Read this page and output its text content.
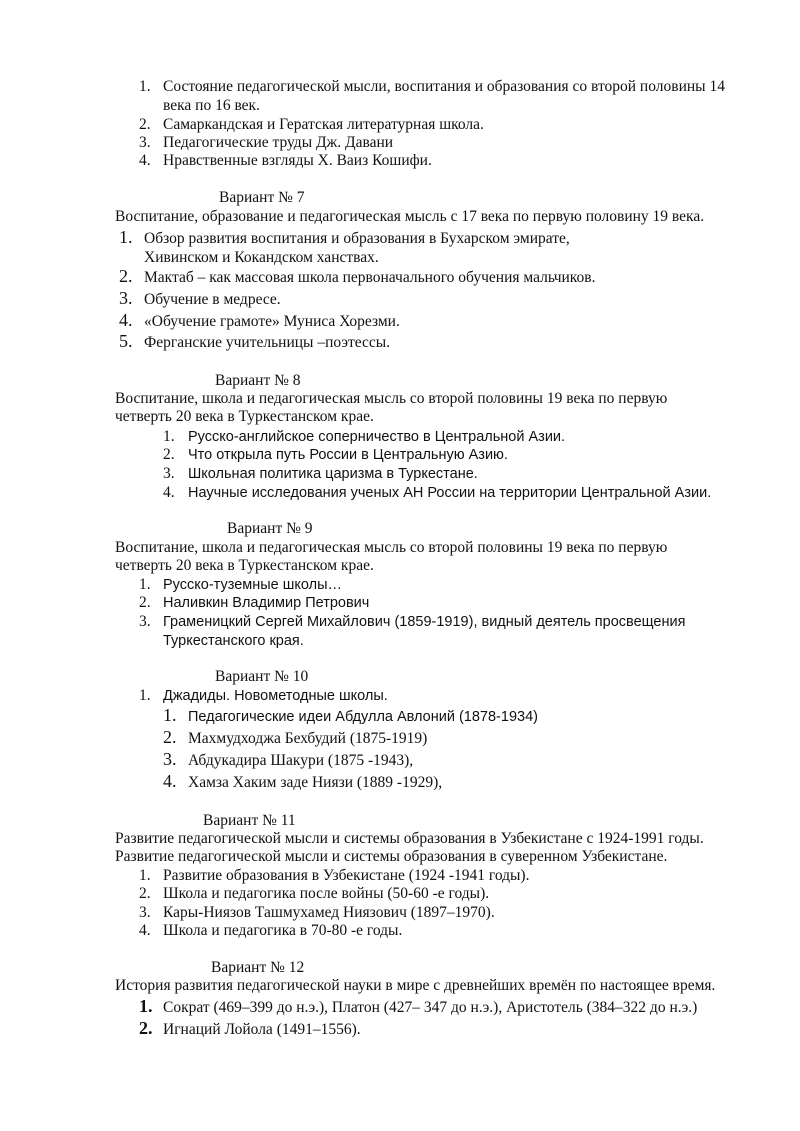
1. Состояние педагогической мысли, воспитания и образования со второй половины 14
века по 16 век.
2. Самаркандская и Гератская литературная школа.
3. Педагогические труды Дж. Давани
4. Нравственные взгляды Х. Ваиз Кошифи.
Вариант № 7
Воспитание, образование и педагогическая мысль с 17 века по первую половину 19 века.
1. Обзор развития воспитания и образования в Бухарском эмирате,
Хивинском и Кокандском ханствах.
2. Мактаб – как массовая школа первоначального обучения мальчиков.
3. Обучение в медресе.
4. «Обучение грамоте» Муниса Хорезми.
5. Ферганские учительницы –поэтессы.
Вариант № 8
Воспитание, школа и педагогическая мысль со второй половины 19 века по первую
четверть 20 века в Туркестанском крае.
1. Русско-английское соперничество в Центральной Азии.
2. Что открыла путь России в Центральную Азию.
3. Школьная политика царизма в Туркестане.
4. Научные исследования ученых АН России на территории Центральной Азии.
Вариант № 9
Воспитание, школа и педагогическая мысль со второй половины 19 века по первую
четверть 20 века в Туркестанском крае.
1. Русско-туземные школы…
2. Наливкин Владимир Петрович
3. Граменицкий Сергей Михайлович (1859-1919), видный деятель просвещения
Туркестанского края.
Вариант № 10
1. Джадиды. Новометодные школы.
1. Педагогические идеи Абдулла Авлоний (1878-1934)
2. Махмудходжа Бехбудий (1875-1919)
3. Абдукадира Шакури (1875 -1943),
4. Хамза Хаким заде Ниязи (1889 -1929),
Вариант № 11
Развитие педагогической мысли и системы образования в Узбекистане с 1924-1991 годы.
Развитие педагогической мысли и системы образования в суверенном Узбекистане.
1. Развитие образования в Узбекистане (1924 -1941 годы).
2. Школа и педагогика после войны (50-60 -е годы).
3. Кары-Ниязов Ташмухамед Ниязович (1897–1970).
4. Школа и педагогика в 70-80 -е годы.
Вариант № 12
История развития педагогической науки в мире с древнейших времён по настоящее время.
1. Сократ (469–399 до н.э.), Платон (427– 347 до н.э.), Аристотель (384–322 до н.э.)
2. Игнаций Лойола (1491–1556).
